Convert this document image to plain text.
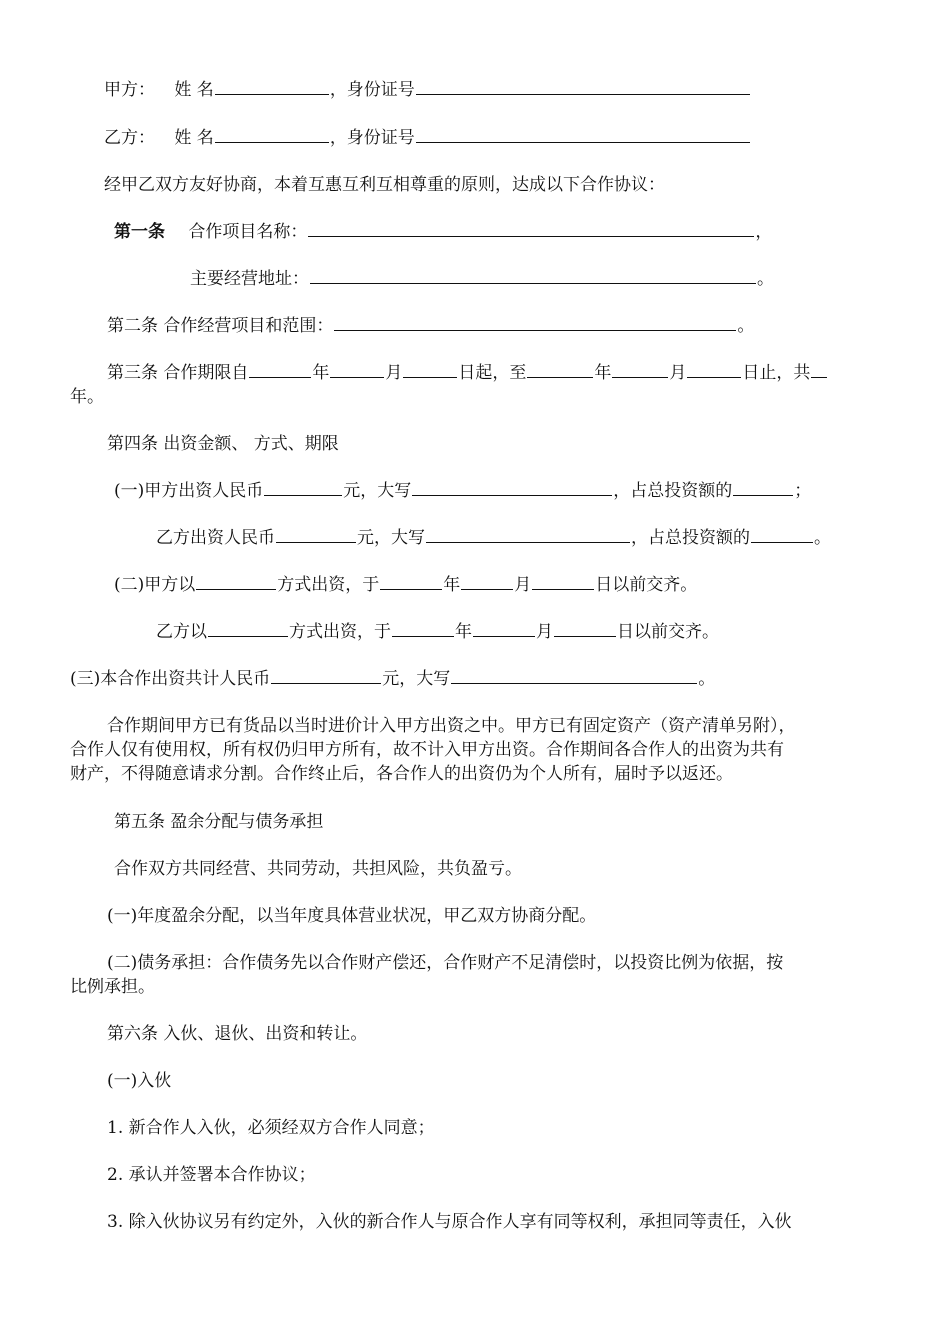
甲方： 姓 名	，身份证号
乙方： 姓 名	，身份证号
经甲乙双方友好协商，本着互惠互利互相尊重的原则，达成以下合作协议：
第一条 合作项目名称：	，
主要经营地址：	。
第二条 合作经营项目和范围：	。
第三条 合作期限自	年	月	日起，至	年	月	日止，共
年。
第四条 出资金额、 方式、期限
(一)甲方出资人民币	元，大写	，占总投资额的	；
乙方出资人民币	元，大写	，占总投资额的	。
(二)甲方以	方式出资，于	年	月	日以前交齐。
乙方以	方式出资，于	年	月	日以前交齐。
(三)本合作出资共计人民币	元，大写	。
合作期间甲方已有货品以当时进价计入甲方出资之中。甲方已有固定资产（资产清单另附），
合作人仅有使用权，所有权仍归甲方所有，故不计入甲方出资。合作期间各合作人的出资为共有
财产，不得随意请求分割。合作终止后，各合作人的出资仍为个人所有，届时予以返还。
第五条 盈余分配与债务承担
合作双方共同经营、共同劳动，共担风险，共负盈亏。
(一)年度盈余分配，以当年度具体营业状况，甲乙双方协商分配。
(二)债务承担：合作债务先以合作财产偿还，合作财产不足清偿时，以投资比例为依据，按
比例承担。
第六条 入伙、退伙、出资和转让。
(一)入伙
1. 新合作人入伙，必须经双方合作人同意；
2. 承认并签署本合作协议；
3. 除入伙协议另有约定外，入伙的新合作人与原合作人享有同等权利，承担同等责任，入伙
